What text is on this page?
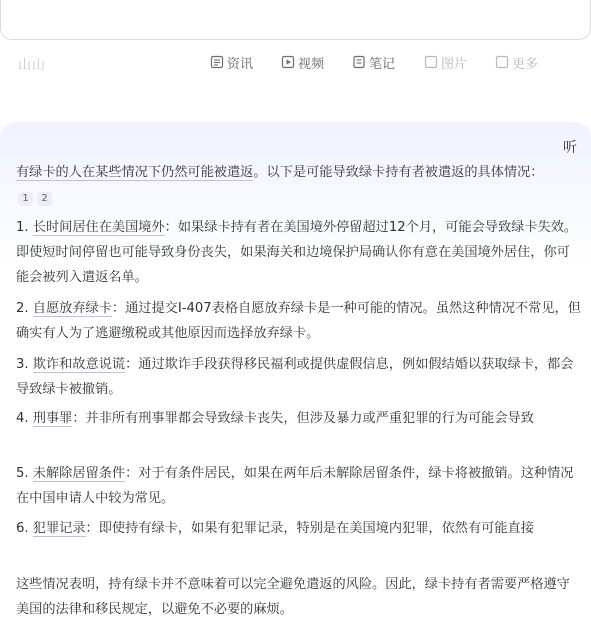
山山	资讯	视频	笔记	图片	更多
听
有绿卡的人在某些情况下仍然可能被遣返。以下是可能导致绿卡持有者被遣返的具体情况：
1 2
1. 长时间居住在美国境外：如果绿卡持有者在美国境外停留超过12个月，可能会导致绿卡失效。即使短时间停留也可能导致身份丧失，如果海关和边境保护局确认你有意在美国境外居住，你可能会被列入遣返名单。
2. 自愿放弃绿卡：通过提交I-407表格自愿放弃绿卡是一种可能的情况。虽然这种情况不常见，但确实有人为了逃避缴税或其他原因而选择放弃绿卡。
3. 欺诈和故意说谎：通过欺诈手段获得移民福利或提供虚假信息，例如假结婚以获取绿卡，都会导致绿卡被撤销。
4. 刑事罪：并非所有刑事罪都会导致绿卡丧失，但涉及暴力或严重犯罪的行为可能会导致
5. 未解除居留条件：对于有条件居民，如果在两年后未解除居留条件，绿卡将被撤销。这种情况在中国申请人中较为常见。
6. 犯罪记录：即使持有绿卡，如果有犯罪记录，特别是在美国境内犯罪，依然有可能直接
这些情况表明，持有绿卡并不意味着可以完全避免遣返的风险。因此，绿卡持有者需要严格遵守美国的法律和移民规定，以避免不必要的麻烦。
